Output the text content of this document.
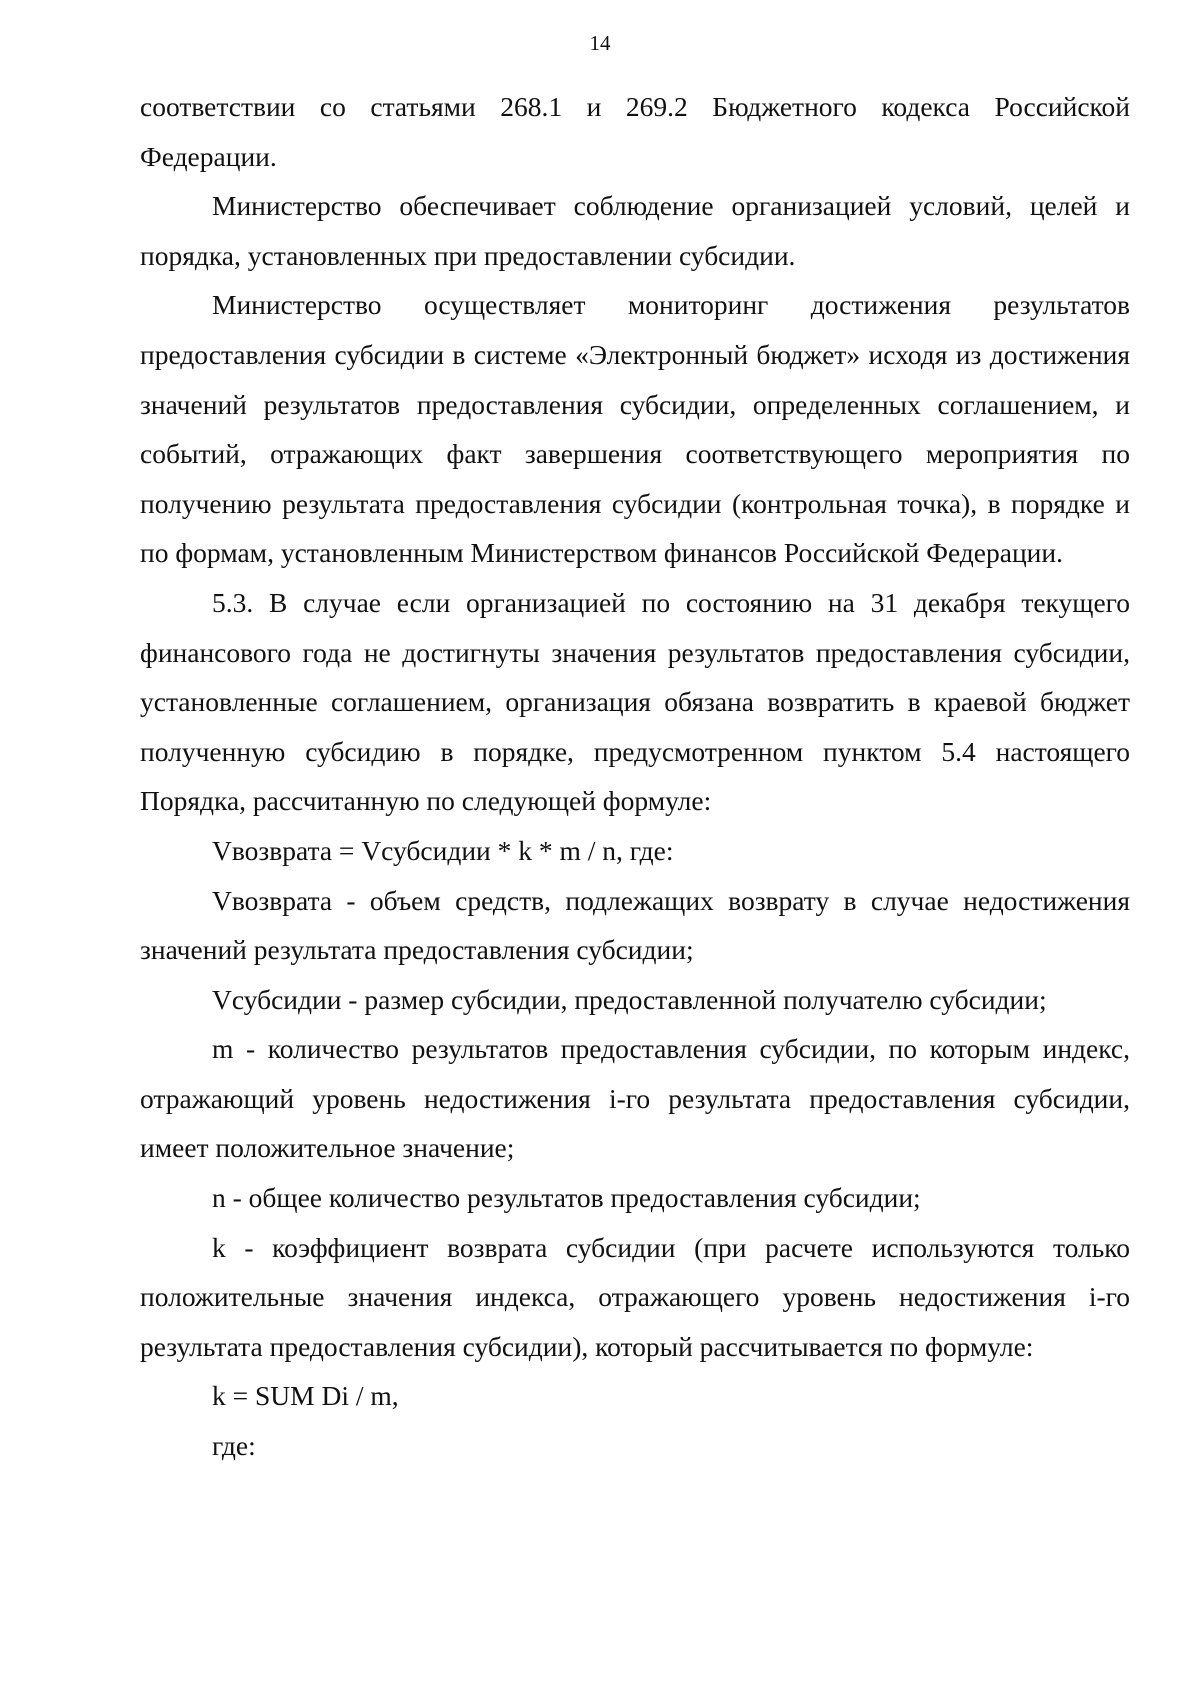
14

соответствии со статьями 268.1 и 269.2 Бюджетного кодекса Российской Федерации.

Министерство обеспечивает соблюдение организацией условий, целей и порядка, установленных при предоставлении субсидии.

Министерство осуществляет мониторинг достижения результатов предоставления субсидии в системе «Электронный бюджет» исходя из достижения значений результатов предоставления субсидии, определенных соглашением, и событий, отражающих факт завершения соответствующего мероприятия по получению результата предоставления субсидии (контрольная точка), в порядке и по формам, установленным Министерством финансов Российской Федерации.

5.3. В случае если организацией по состоянию на 31 декабря текущего финансового года не достигнуты значения результатов предоставления субсидии, установленные соглашением, организация обязана возвратить в краевой бюджет полученную субсидию в порядке, предусмотренном пунктом 5.4 настоящего Порядка, рассчитанную по следующей формуле:

Vвозврата = Vсубсидии * k * m / n, где:

Vвозврата - объем средств, подлежащих возврату в случае недостижения значений результата предоставления субсидии;

Vсубсидии - размер субсидии, предоставленной получателю субсидии;

m - количество результатов предоставления субсидии, по которым индекс, отражающий уровень недостижения i-го результата предоставления субсидии, имеет положительное значение;

n - общее количество результатов предоставления субсидии;

k - коэффициент возврата субсидии (при расчете используются только положительные значения индекса, отражающего уровень недостижения i-го результата предоставления субсидии), который рассчитывается по формуле:

k = SUM Di / m,

где:
